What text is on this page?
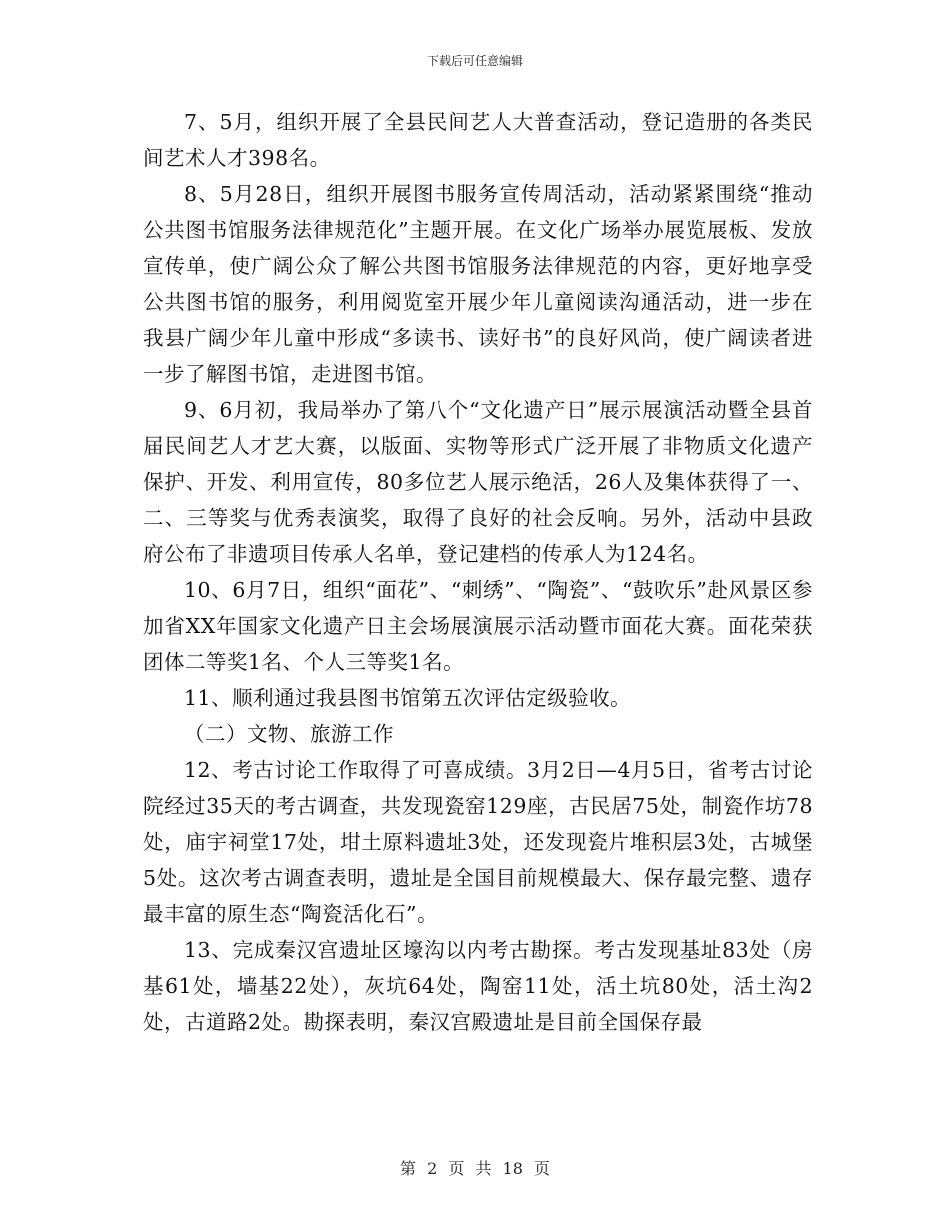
下载后可任意编辑

7、5月，组织开展了全县民间艺人大普查活动，登记造册的各类民间艺术人才398名。

8、5月28日，组织开展图书服务宣传周活动，活动紧紧围绕“推动公共图书馆服务法律规范化”主题开展。在文化广场举办展览展板、发放宣传单，使广阔公众了解公共图书馆服务法律规范的内容，更好地享受公共图书馆的服务，利用阅览室开展少年儿童阅读沟通活动，进一步在我县广阔少年儿童中形成“多读书、读好书”的良好风尚，使广阔读者进一步了解图书馆，走进图书馆。

9、6月初，我局举办了第八个“文化遗产日”展示展演活动暨全县首届民间艺人才艺大赛，以版面、实物等形式广泛开展了非物质文化遗产保护、开发、利用宣传，80多位艺人展示绝活，26人及集体获得了一、二、三等奖与优秀表演奖，取得了良好的社会反响。另外，活动中县政府公布了非遗项目传承人名单，登记建档的传承人为124名。

10、6月7日，组织“面花”、“刺绣”、“陶瓷”、“鼓吹乐”赴风景区参加省XX年国家文化遗产日主会场展演展示活动暨市面花大赛。面花荣获团体二等奖1名、个人三等奖1名。

11、顺利通过我县图书馆第五次评估定级验收。

（二）文物、旅游工作

12、考古讨论工作取得了可喜成绩。3月2日—4月5日，省考古讨论院经过35天的考古调查，共发现瓷窑129座，古民居75处，制瓷作坊78处，庙宇祠堂17处，坩土原料遗址3处，还发现瓷片堆积层3处，古城堡5处。这次考古调查表明，遗址是全国目前规模最大、保存最完整、遗存最丰富的原生态“陶瓷活化石”。

13、完成秦汉宫遗址区壕沟以内考古勘探。考古发现基址83处（房基61处，墙基22处），灰坑64处，陶窑11处，活土坑80处，活土沟2处，古道路2处。勘探表明，秦汉宫殿遗址是目前全国保存最

第 2 页 共 18 页
